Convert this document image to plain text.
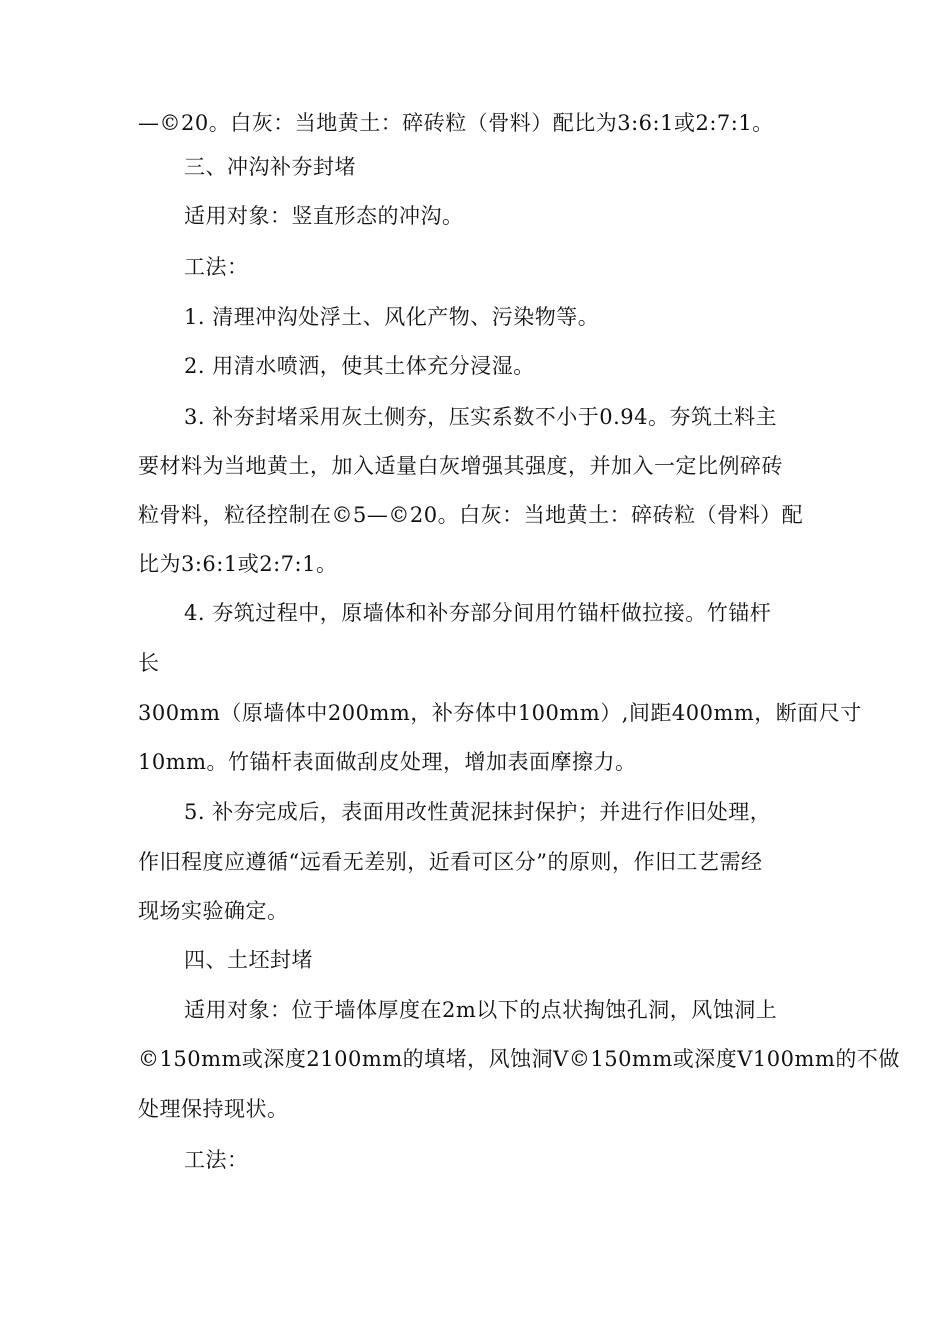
—©20。白灰：当地黄土：碎砖粒（骨料）配比为3:6:1或2:7:1。
三、冲沟补夯封堵
适用对象：竖直形态的冲沟。
工法：
1. 清理冲沟处浮土、风化产物、污染物等。
2. 用清水喷洒，使其土体充分浸湿。
3. 补夯封堵采用灰土侧夯，压实系数不小于0.94。夯筑土料主
要材料为当地黄土，加入适量白灰增强其强度，并加入一定比例碎砖
粒骨料，粒径控制在©5—©20。白灰：当地黄土：碎砖粒（骨料）配
比为3:6:1或2:7:1。
4. 夯筑过程中，原墙体和补夯部分间用竹锚杆做拉接。竹锚杆
长
300mm（原墙体中200mm，补夯体中100mm）,间距400mm，断面尺寸
10mm。竹锚杆表面做刮皮处理，增加表面摩擦力。
5. 补夯完成后，表面用改性黄泥抹封保护；并进行作旧处理，
作旧程度应遵循“远看无差别，近看可区分”的原则，作旧工艺需经
现场实验确定。
四、土坯封堵
适用对象：位于墙体厚度在2m以下的点状掏蚀孔洞，风蚀洞上
©150mm或深度2100mm的填堵，风蚀洞V©150mm或深度V100mm的不做
处理保持现状。
工法：
